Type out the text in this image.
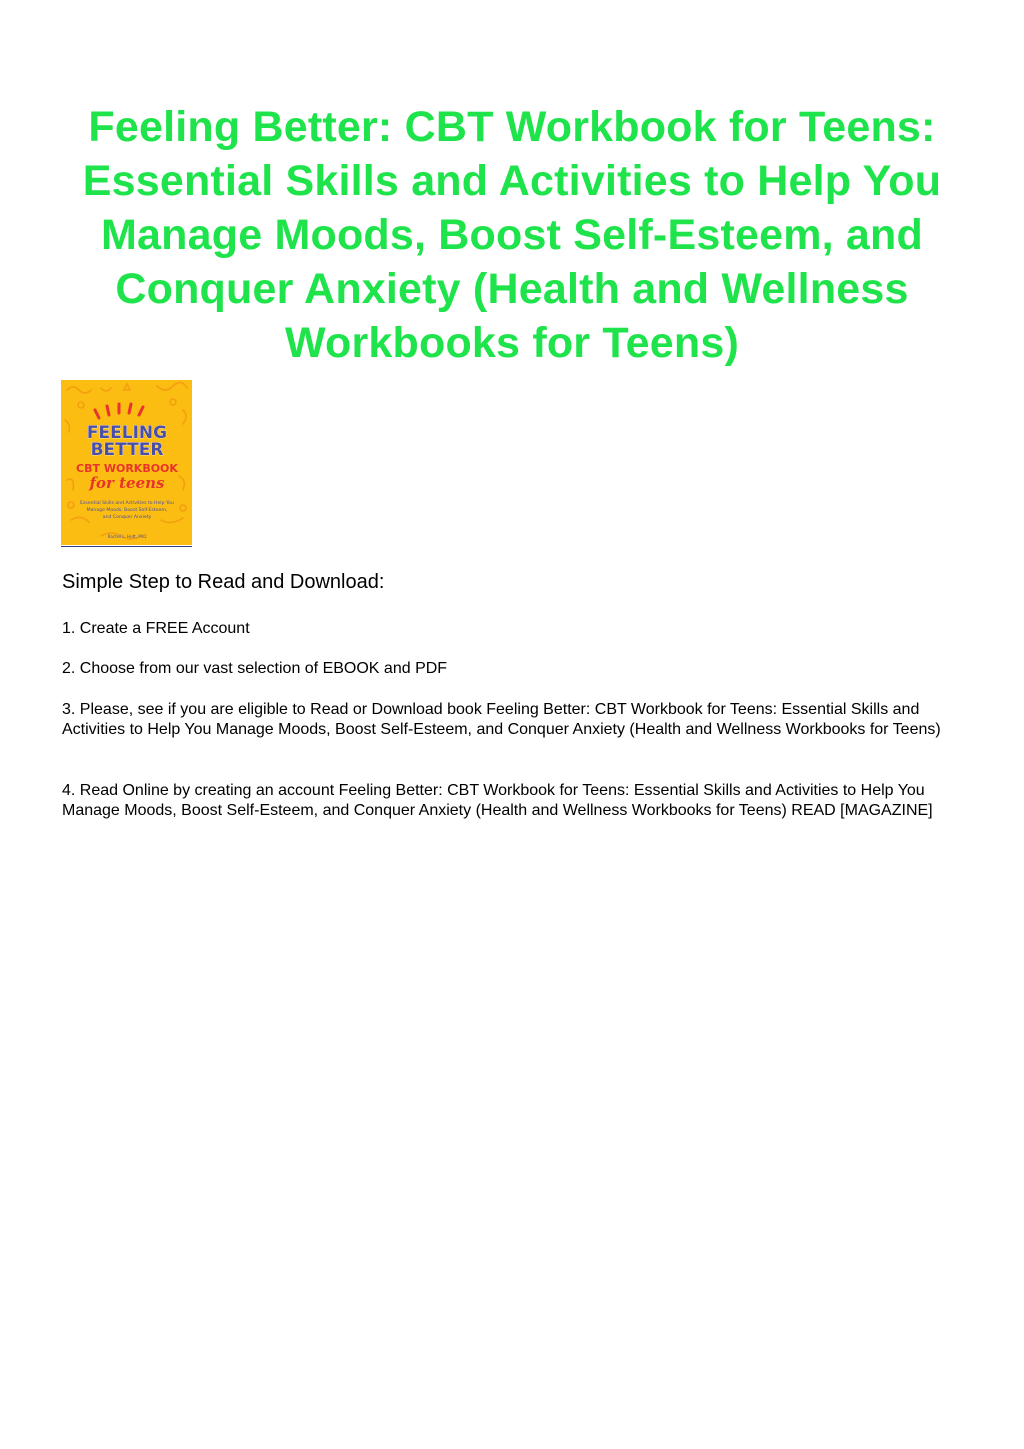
Feeling Better: CBT Workbook for Teens: Essential Skills and Activities to Help You Manage Moods, Boost Self-Esteem, and Conquer Anxiety (Health and Wellness Workbooks for Teens)
FEELING
BETTER
CBT WORKBOOK
for teens
Essential Skills and Activities to Help You
Manage Moods, Boost Self-Esteem,
and Conquer Anxiety
Rachel L. Hutt, PhD

Simple Step to Read and Download:

1. Create a FREE Account

2. Choose from our vast selection of EBOOK and PDF

3. Please, see if you are eligible to Read or Download book Feeling Better: CBT Workbook for Teens: Essential Skills and Activities to Help You Manage Moods, Boost Self-Esteem, and Conquer Anxiety (Health and Wellness Workbooks for Teens)

4. Read Online by creating an account Feeling Better: CBT Workbook for Teens: Essential Skills and Activities to Help You Manage Moods, Boost Self-Esteem, and Conquer Anxiety (Health and Wellness Workbooks for Teens) READ [MAGAZINE]
